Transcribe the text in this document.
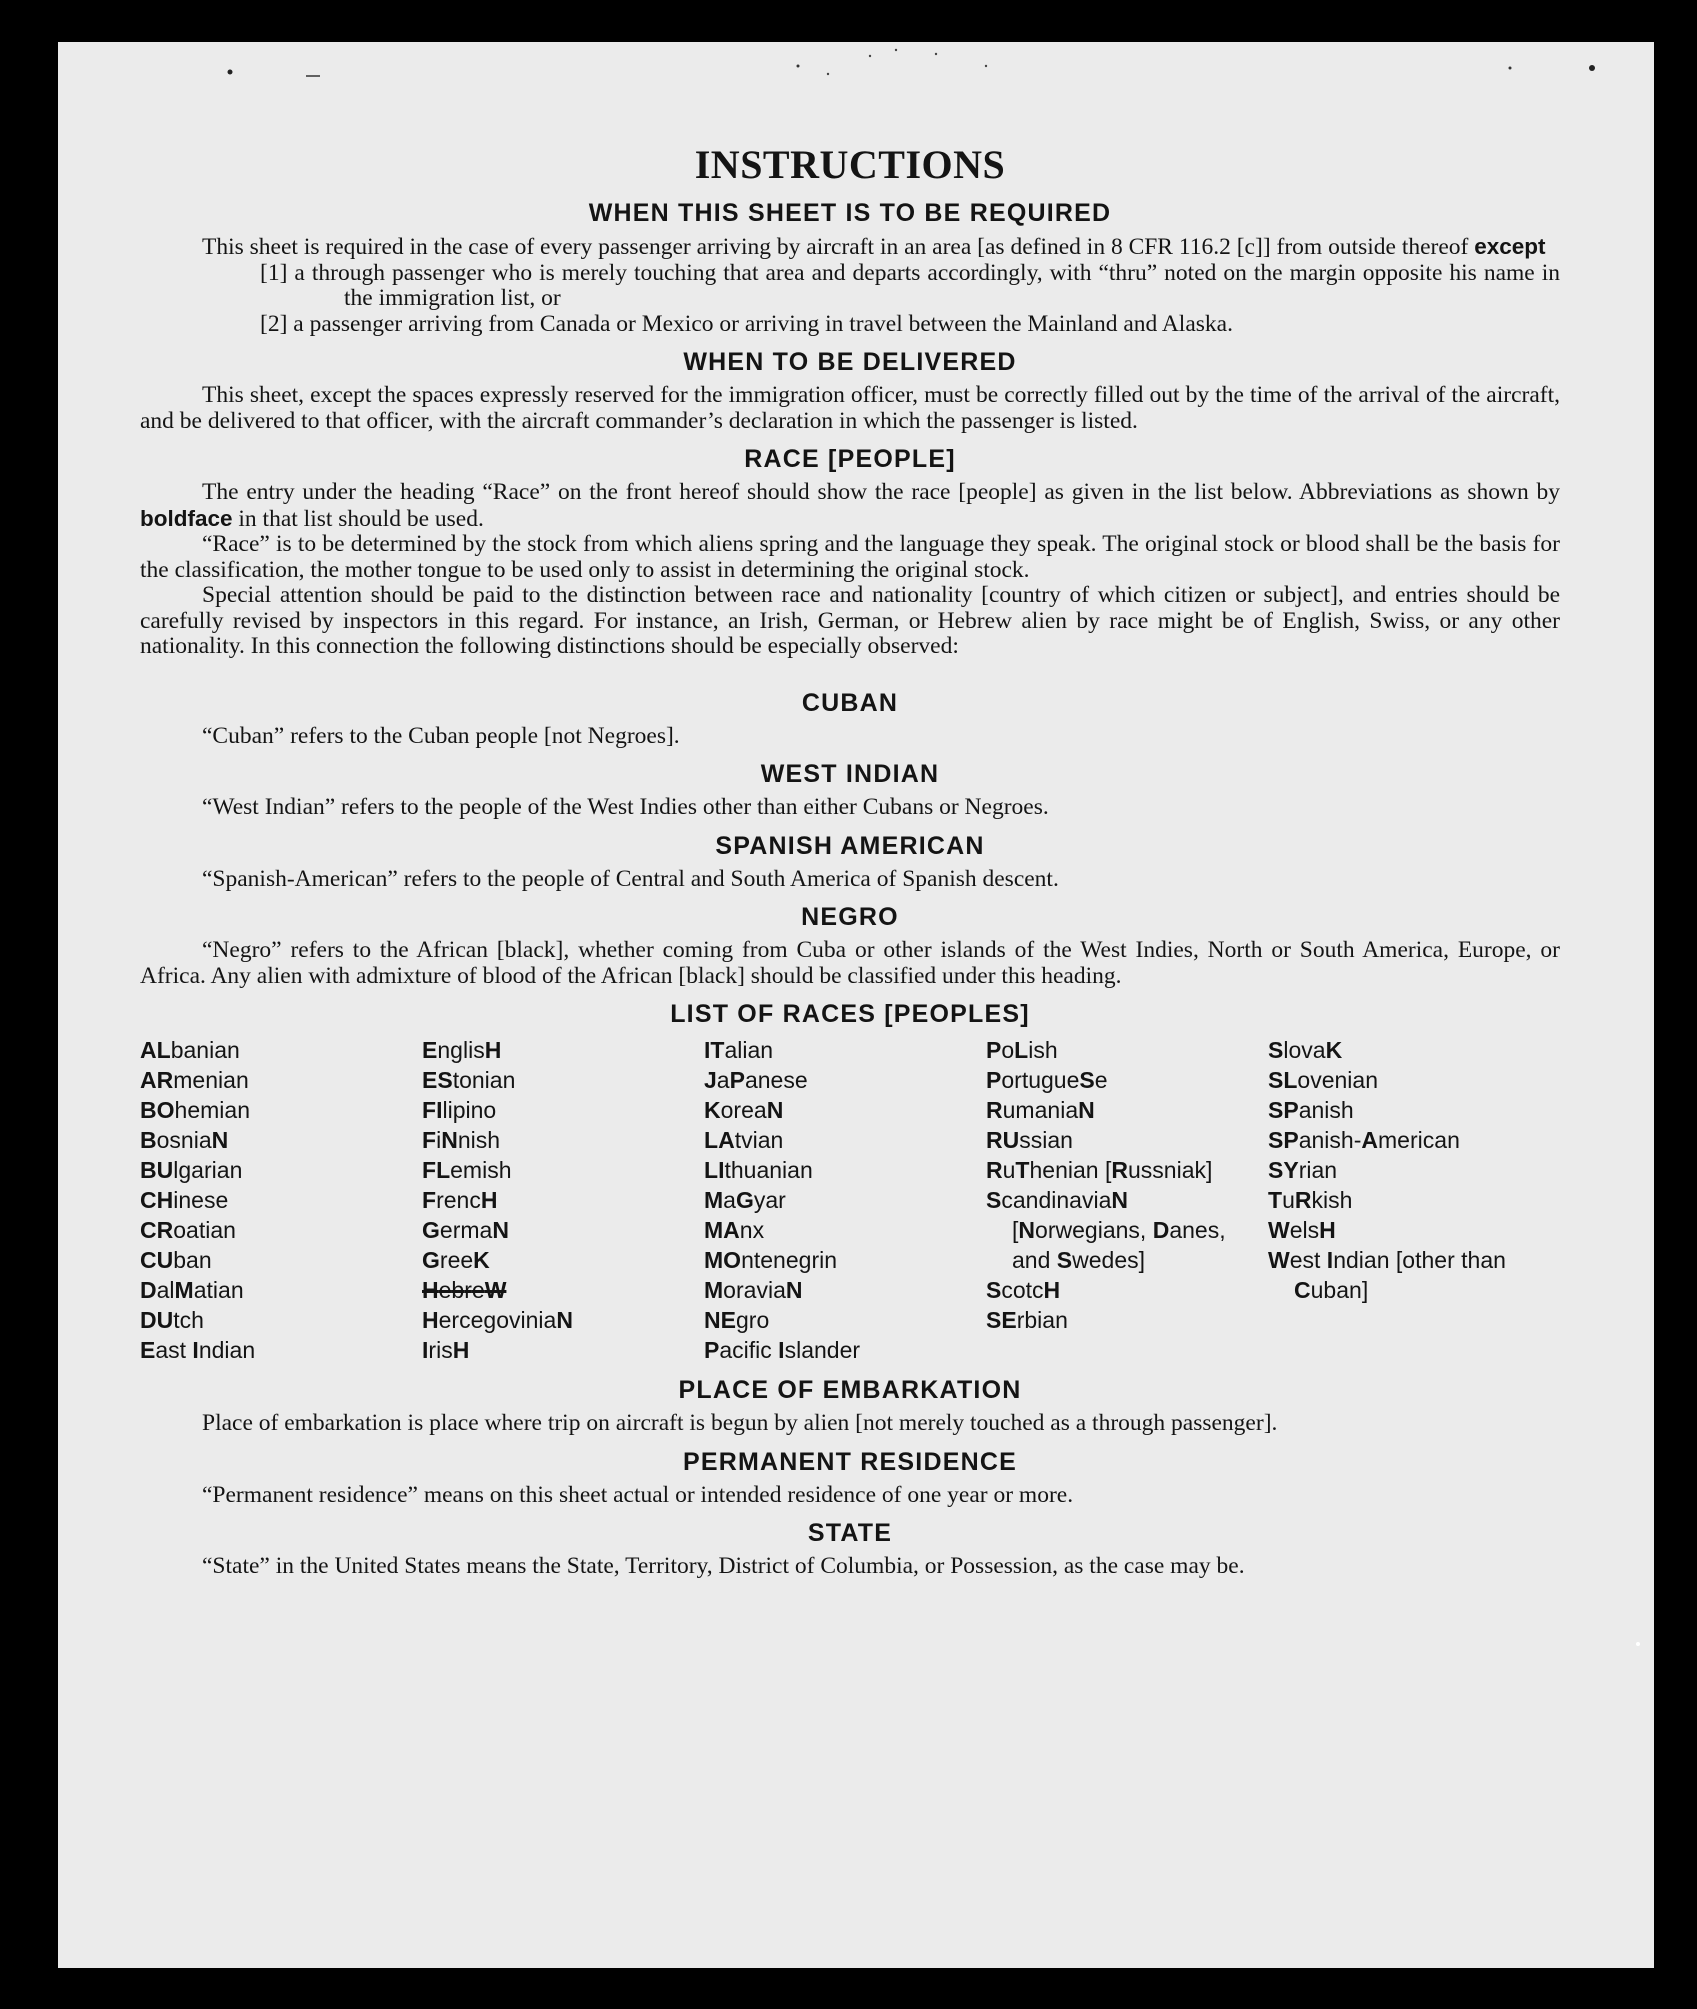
INSTRUCTIONS
WHEN THIS SHEET IS TO BE REQUIRED

This sheet is required in the case of every passenger arriving by aircraft in an area [as defined in 8 CFR 116.2 [c]] from outside thereof except

[1] a through passenger who is merely touching that area and departs accordingly, with “thru” noted on the margin opposite his name in the immigration list, or
[2] a passenger arriving from Canada or Mexico or arriving in travel between the Mainland and Alaska.
WHEN TO BE DELIVERED

This sheet, except the spaces expressly reserved for the immigration officer, must be correctly filled out by the time of the arrival of the aircraft, and be delivered to that officer, with the aircraft commander’s declaration in which the passenger is listed.

RACE [PEOPLE]

The entry under the heading “Race” on the front hereof should show the race [people] as given in the list below. Abbreviations as shown by boldface in that list should be used.

“Race” is to be determined by the stock from which aliens spring and the language they speak. The original stock or blood shall be the basis for the classification, the mother tongue to be used only to assist in determining the original stock.

Special attention should be paid to the distinction between race and nationality [country of which citizen or subject], and entries should be carefully revised by inspectors in this regard. For instance, an Irish, German, or Hebrew alien by race might be of English, Swiss, or any other nationality. In this connection the following distinctions should be especially observed:

CUBAN

“Cuban” refers to the Cuban people [not Negroes].

WEST INDIAN

“West Indian” refers to the people of the West Indies other than either Cubans or Negroes.

SPANISH AMERICAN

“Spanish-American” refers to the people of Central and South America of Spanish descent.

NEGRO

“Negro” refers to the African [black], whether coming from Cuba or other islands of the West Indies, North or South America, Europe, or Africa. Any alien with admixture of blood of the African [black] should be classified under this heading.

LIST OF RACES [PEOPLES]
ALbanian
ARmenian
BOhemian
BosniaN
BUlgarian
CHinese
CRoatian
CUban
DalMatian
DUtch
East Indian
EnglisH
EStonian
FIlipino
FiNnish
FLemish
FrencH
GermaN
GreeK
HebreW
HercegoviniaN
IrisH
ITalian
JaPanese
KoreaN
LAtvian
LIthuanian
MaGyar
MAnx
MOntenegrin
MoraviaN
NEgro
Pacific Islander
PoLish
PortugueSe
RumaniaN
RUssian
RuThenian [Russniak]
ScandinaviaN [Norwegians, Danes, and Swedes]
ScotcH
SErbian
SlovaK
SLovenian
SPanish
SPanish-American
SYrian
TuRkish
WelsH
West Indian [other than Cuban]
PLACE OF EMBARKATION

Place of embarkation is place where trip on aircraft is begun by alien [not merely touched as a through passenger].

PERMANENT RESIDENCE

“Permanent residence” means on this sheet actual or intended residence of one year or more.

STATE

“State” in the United States means the State, Territory, District of Columbia, or Possession, as the case may be.
